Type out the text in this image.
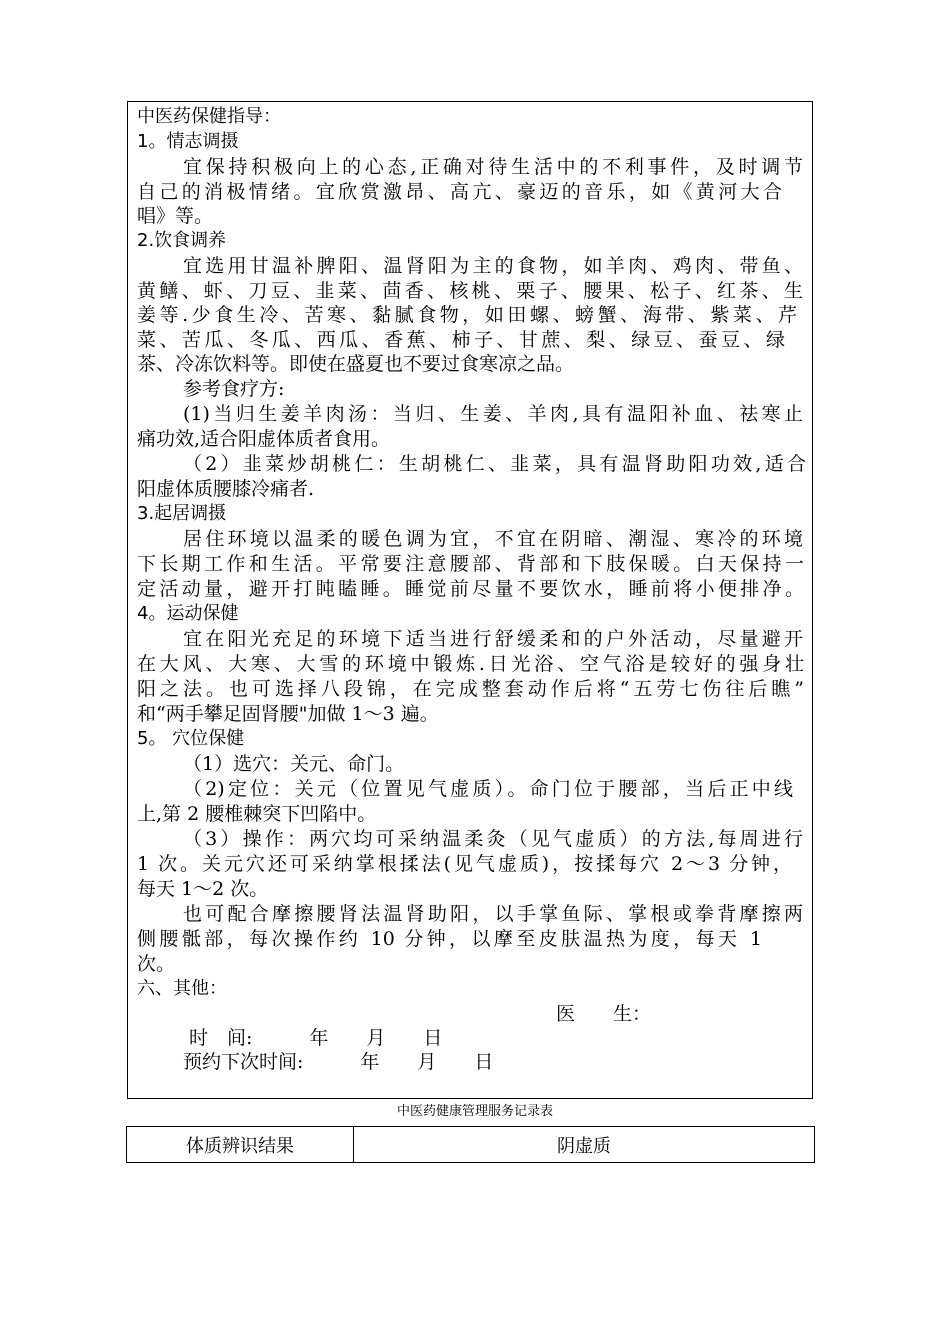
中医药保健指导：
1。情志调摄
宜保持积极向上的心态,正确对待生活中的不利事件，及时调节
自己的消极情绪。宜欣赏激昂、高亢、豪迈的音乐，如《黄河大合
唱》等。
2.饮食调养
宜选用甘温补脾阳、温肾阳为主的食物，如羊肉、鸡肉、带鱼、
黄鳝、虾、刀豆、韭菜、茴香、核桃、栗子、腰果、松子、红茶、生
姜等.少食生冷、苦寒、黏腻食物，如田螺、螃蟹、海带、紫菜、芹
菜、苦瓜、冬瓜、西瓜、香蕉、柿子、甘蔗、梨、绿豆、蚕豆、绿
茶、冷冻饮料等。即使在盛夏也不要过食寒凉之品。
参考食疗方:
(1)当归生姜羊肉汤：当归、生姜、羊肉,具有温阳补血、祛寒止
痛功效,适合阳虚体质者食用。
（2）韭菜炒胡桃仁：生胡桃仁、韭菜，具有温肾助阳功效,适合
阳虚体质腰膝冷痛者.
3.起居调摄
居住环境以温柔的暖色调为宜，不宜在阴暗、潮湿、寒冷的环境
下长期工作和生活。平常要注意腰部、背部和下肢保暖。白天保持一
定活动量，避开打盹瞌睡。睡觉前尽量不要饮水，睡前将小便排净。
4。运动保健
宜在阳光充足的环境下适当进行舒缓柔和的户外活动，尽量避开
在大风、大寒、大雪的环境中锻炼.日光浴、空气浴是较好的强身壮
阳之法。也可选择八段锦，在完成整套动作后将“五劳七伤往后瞧”
和“两手攀足固肾腰"加做 1～3 遍。
5。 穴位保健
（1）选穴：关元、命门。
（2)定位：关元（位置见气虚质）。命门位于腰部，当后正中线
上,第 2 腰椎棘突下凹陷中。
（3）操作：两穴均可采纳温柔灸（见气虚质）的方法,每周进行
1 次。关元穴还可采纳掌根揉法(见气虚质)，按揉每穴 2～3 分钟，
每天 1～2 次。
也可配合摩擦腰肾法温肾助阳，以手掌鱼际、掌根或拳背摩擦两
侧腰骶部，每次操作约 10 分钟，以摩至皮肤温热为度，每天 1
次。
六、其他：
医　　生：
时　间:　　　年　　月　　日
预约下次时间:　　　年　　月　　日
中医药健康管理服务记录表
体质辨识结果	阴虚质
